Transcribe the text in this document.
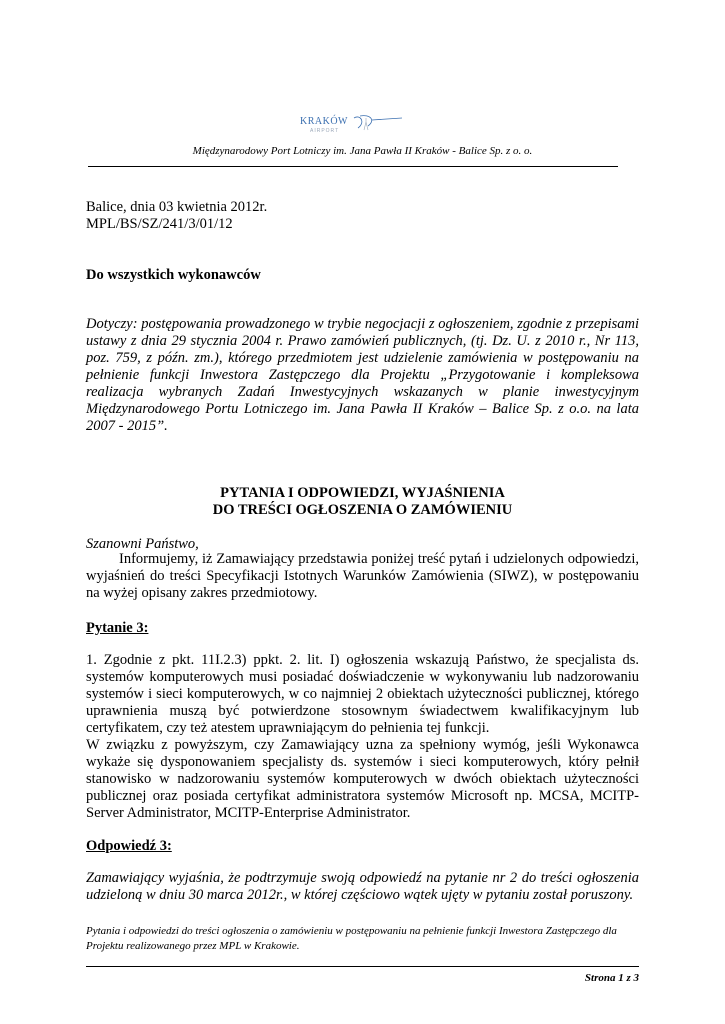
KRAKÓW
AIRPORT
Międzynarodowy Port Lotniczy im. Jana Pawła II Kraków - Balice Sp. z o. o.
Balice, dnia 03 kwietnia 2012r.
MPL/BS/SZ/241/3/01/12
Do wszystkich wykonawców

Dotyczy: postępowania prowadzonego w trybie negocjacji z ogłoszeniem, zgodnie z przepisami ustawy z dnia 29 stycznia 2004 r. Prawo zamówień publicznych, (tj. Dz. U. z 2010 r., Nr 113, poz. 759, z późn. zm.), którego przedmiotem jest udzielenie zamówienia w postępowaniu na pełnienie funkcji Inwestora Zastępczego dla Projektu „Przygotowanie i kompleksowa realizacja wybranych Zadań Inwestycyjnych wskazanych w planie inwestycyjnym Międzynarodowego Portu Lotniczego im. Jana Pawła II Kraków – Balice Sp. z o.o. na lata 2007 - 2015”.

PYTANIA I ODPOWIEDZI, WYJAŚNIENIA
DO TREŚCI OGŁOSZENIA O ZAMÓWIENIU
Szanowni Państwo,

Informujemy, iż Zamawiający przedstawia poniżej treść pytań i udzielonych odpowiedzi, wyjaśnień do treści Specyfikacji Istotnych Warunków Zamówienia (SIWZ), w postępowaniu na wyżej opisany zakres przedmiotowy.

Pytanie 3:

1. Zgodnie z pkt. 11I.2.3) ppkt. 2. lit. I) ogłoszenia wskazują Państwo, że specjalista ds. systemów komputerowych musi posiadać doświadczenie w wykonywaniu lub nadzorowaniu systemów i sieci komputerowych, w co najmniej 2 obiektach użyteczności publicznej, którego uprawnienia muszą być potwierdzone stosownym świadectwem kwalifikacyjnym lub certyfikatem, czy też atestem uprawniającym do pełnienia tej funkcji.

W związku z powyższym, czy Zamawiający uzna za spełniony wymóg, jeśli Wykonawca wykaże się dysponowaniem specjalisty ds. systemów i sieci komputerowych, który pełnił stanowisko w nadzorowaniu systemów komputerowych w dwóch obiektach użyteczności publicznej oraz posiada certyfikat administratora systemów Microsoft np. MCSA, MCITP-Server Administrator, MCITP-Enterprise Administrator.

Odpowiedź 3:

Zamawiający wyjaśnia, że podtrzymuje swoją odpowiedź na pytanie nr 2 do treści ogłoszenia udzieloną w dniu 30 marca 2012r., w której częściowo wątek ujęty w pytaniu został poruszony.

Pytania i odpowiedzi do treści ogłoszenia o zamówieniu w postępowaniu na pełnienie funkcji Inwestora Zastępczego dla Projektu realizowanego przez MPL w Krakowie.

Strona 1 z 3
